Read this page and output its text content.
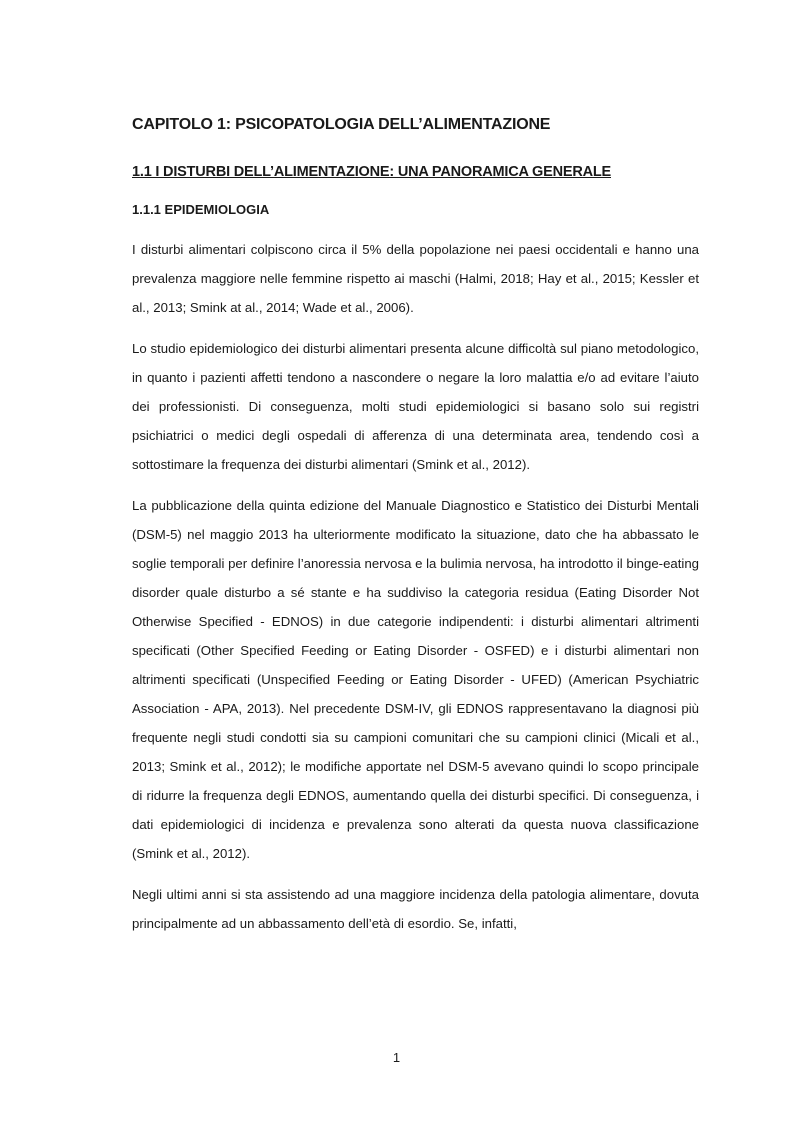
CAPITOLO 1: PSICOPATOLOGIA DELL’ALIMENTAZIONE
1.1 I DISTURBI DELL’ALIMENTAZIONE: UNA PANORAMICA GENERALE
1.1.1 EPIDEMIOLOGIA

I disturbi alimentari colpiscono circa il 5% della popolazione nei paesi occidentali e hanno una prevalenza maggiore nelle femmine rispetto ai maschi (Halmi, 2018; Hay et al., 2015; Kessler et al., 2013; Smink at al., 2014; Wade et al., 2006).

Lo studio epidemiologico dei disturbi alimentari presenta alcune difficoltà sul piano metodologico, in quanto i pazienti affetti tendono a nascondere o negare la loro malattia e/o ad evitare l’aiuto dei professionisti. Di conseguenza, molti studi epidemiologici si basano solo sui registri psichiatrici o medici degli ospedali di afferenza di una determinata area, tendendo così a sottostimare la frequenza dei disturbi alimentari (Smink et al., 2012).

La pubblicazione della quinta edizione del Manuale Diagnostico e Statistico dei Disturbi Mentali (DSM-5) nel maggio 2013 ha ulteriormente modificato la situazione, dato che ha abbassato le soglie temporali per definire l’anoressia nervosa e la bulimia nervosa, ha introdotto il binge-eating disorder quale disturbo a sé stante e ha suddiviso la categoria residua (Eating Disorder Not Otherwise Specified - EDNOS) in due categorie indipendenti: i disturbi alimentari altrimenti specificati (Other Specified Feeding or Eating Disorder - OSFED) e i disturbi alimentari non altrimenti specificati (Unspecified Feeding or Eating Disorder - UFED) (American Psychiatric Association - APA, 2013). Nel precedente DSM-IV, gli EDNOS rappresentavano la diagnosi più frequente negli studi condotti sia su campioni comunitari che su campioni clinici (Micali et al., 2013; Smink et al., 2012); le modifiche apportate nel DSM-5 avevano quindi lo scopo principale di ridurre la frequenza degli EDNOS, aumentando quella dei disturbi specifici. Di conseguenza, i dati epidemiologici di incidenza e prevalenza sono alterati da questa nuova classificazione (Smink et al., 2012).

Negli ultimi anni si sta assistendo ad una maggiore incidenza della patologia alimentare, dovuta principalmente ad un abbassamento dell’età di esordio. Se, infatti,

1
